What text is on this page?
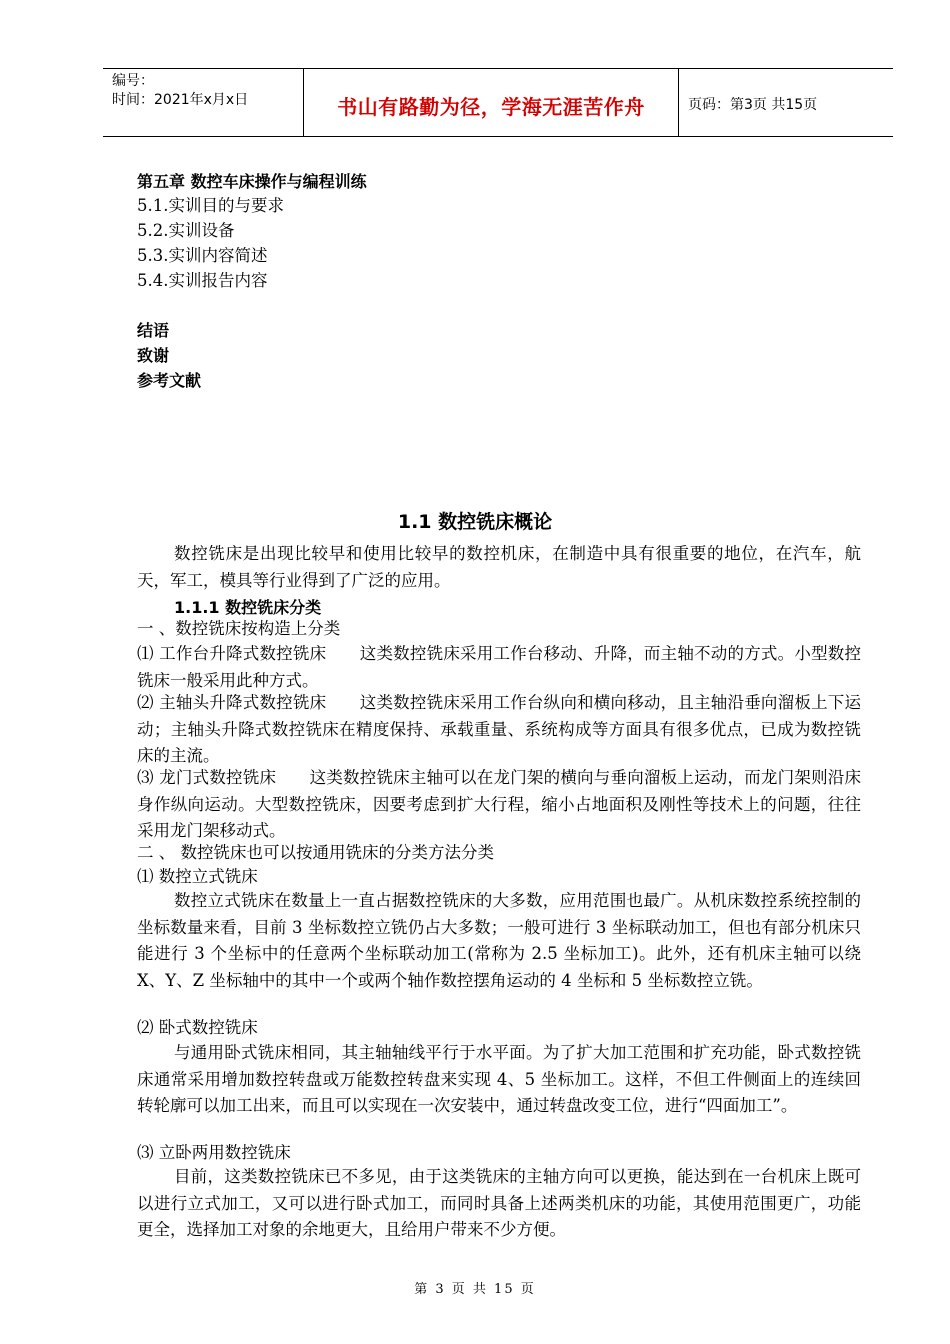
编号：
时间：2021年x月x日	书山有路勤为径，学海无涯苦作舟	页码：第3页 共15页
第五章 数控车床操作与编程训练
5.1.实训目的与要求
5.2.实训设备
5.3.实训内容简述
5.4.实训报告内容
结语
致谢
参考文献
1.1 数控铣床概论
数控铣床是出现比较早和使用比较早的数控机床，在制造中具有很重要的地位，在汽车，航天，军工，模具等行业得到了广泛的应用。
1.1.1 数控铣床分类
一 、数控铣床按构造上分类
⑴ 工作台升降式数控铣床　　这类数控铣床采用工作台移动、升降，而主轴不动的方式。小型数控铣床一般采用此种方式。
⑵ 主轴头升降式数控铣床　　这类数控铣床采用工作台纵向和横向移动，且主轴沿垂向溜板上下运动；主轴头升降式数控铣床在精度保持、承载重量、系统构成等方面具有很多优点，已成为数控铣床的主流。
⑶ 龙门式数控铣床　　这类数控铣床主轴可以在龙门架的横向与垂向溜板上运动，而龙门架则沿床身作纵向运动。大型数控铣床，因要考虑到扩大行程，缩小占地面积及刚性等技术上的问题，往往采用龙门架移动式。
二 、 数控铣床也可以按通用铣床的分类方法分类
⑴ 数控立式铣床
数控立式铣床在数量上一直占据数控铣床的大多数，应用范围也最广。从机床数控系统控制的坐标数量来看，目前 3 坐标数控立铣仍占大多数；一般可进行 3 坐标联动加工，但也有部分机床只能进行 3 个坐标中的任意两个坐标联动加工(常称为 2.5 坐标加工)。此外，还有机床主轴可以绕 X、Y、Z 坐标轴中的其中一个或两个轴作数控摆角运动的 4 坐标和 5 坐标数控立铣。
⑵ 卧式数控铣床
与通用卧式铣床相同，其主轴轴线平行于水平面。为了扩大加工范围和扩充功能，卧式数控铣床通常采用增加数控转盘或万能数控转盘来实现 4、5 坐标加工。这样，不但工件侧面上的连续回转轮廓可以加工出来，而且可以实现在一次安装中，通过转盘改变工位，进行“四面加工”。
⑶ 立卧两用数控铣床
目前，这类数控铣床已不多见，由于这类铣床的主轴方向可以更换，能达到在一台机床上既可以进行立式加工，又可以进行卧式加工，而同时具备上述两类机床的功能，其使用范围更广，功能更全，选择加工对象的余地更大，且给用户带来不少方便。
第 3 页 共 15 页
